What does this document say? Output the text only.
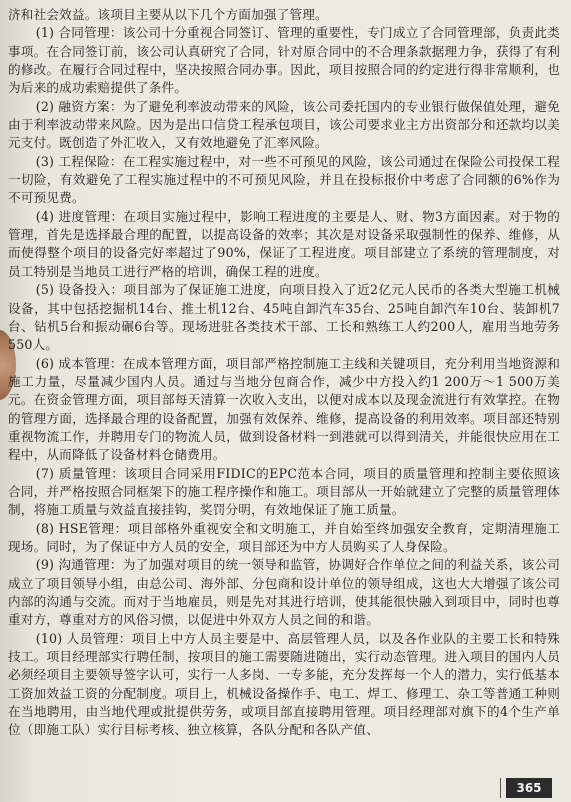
济和社会效益。该项目主要从以下几个方面加强了管理。

(1) 合同管理：该公司十分重视合同签订、管理的重要性，专门成立了合同管理部，负责此类事项。在合同签订前，该公司认真研究了合同，针对原合同中的不合理条款据理力争，获得了有利的修改。在履行合同过程中，坚决按照合同办事。因此，项目按照合同的约定进行得非常顺利，也为后来的成功索赔提供了条件。

(2) 融资方案：为了避免利率波动带来的风险，该公司委托国内的专业银行做保值处理，避免由于利率波动带来风险。因为是出口信贷工程承包项目，该公司要求业主方出资部分和还款均以美元支付。既创造了外汇收入，又有效地避免了汇率风险。

(3) 工程保险：在工程实施过程中，对一些不可预见的风险，该公司通过在保险公司投保工程一切险，有效避免了工程实施过程中的不可预见风险，并且在投标报价中考虑了合同额的6%作为不可预见费。

(4) 进度管理：在项目实施过程中，影响工程进度的主要是人、财、物3方面因素。对于物的管理，首先是选择最合理的配置，以提高设备的效率；其次是对设备采取强制性的保养、维修，从而使得整个项目的设备完好率超过了90%，保证了工程进度。项目部建立了系统的管理制度，对员工特别是当地员工进行严格的培训，确保工程的进度。

(5) 设备投入：项目部为了保证施工进度，向项目投入了近2亿元人民币的各类大型施工机械设备，其中包括挖掘机14台、推土机12台、45吨自卸汽车35台、25吨自卸汽车10台、装卸机7台、钻机5台和振动碾6台等。现场进驻各类技术干部、工长和熟练工人约200人，雇用当地劳务550人。

(6) 成本管理：在成本管理方面，项目部严格控制施工主线和关键项目，充分利用当地资源和施工力量，尽量减少国内人员。通过与当地分包商合作，减少中方投入约1 200万～1 500万美元。在资金管理方面，项目部每天清算一次收入支出，以便对成本以及现金流进行有效掌控。在物的管理方面，选择最合理的设备配置，加强有效保养、维修，提高设备的利用效率。项目部还特别重视物流工作，并聘用专门的物流人员，做到设备材料一到港就可以得到清关，并能很快应用在工程中，从而降低了设备材料仓储费用。

(7) 质量管理：该项目合同采用FIDIC的EPC范本合同，项目的质量管理和控制主要依照该合同，并严格按照合同框架下的施工程序操作和施工。项目部从一开始就建立了完整的质量管理体制，将施工质量与效益直接挂钩，奖罚分明，有效地保证了施工质量。

(8) HSE管理：项目部格外重视安全和文明施工，并自始至终加强安全教育，定期清理施工现场。同时，为了保证中方人员的安全，项目部还为中方人员购买了人身保险。

(9) 沟通管理：为了加强对项目的统一领导和监管，协调好合作单位之间的利益关系，该公司成立了项目领导小组，由总公司、海外部、分包商和设计单位的领导组成，这也大大增强了该公司内部的沟通与交流。而对于当地雇员，则是先对其进行培训，使其能很快融入到项目中，同时也尊重对方，尊重对方的风俗习惯，以促进中外双方人员之间的和谐。

(10) 人员管理：项目上中方人员主要是中、高层管理人员，以及各作业队的主要工长和特殊技工。项目经理部实行聘任制，按项目的施工需要随进随出，实行动态管理。进入项目的国内人员必须经项目主要领导签字认可，实行一人多岗、一专多能，充分发挥每一个人的潜力，实行低基本工资加效益工资的分配制度。项目上，机械设备操作手、电工、焊工、修理工、杂工等普通工种则在当地聘用，由当地代理或批提供劳务，或项目部直接聘用管理。项目经理部对旗下的4个生产单位（即施工队）实行目标考核、独立核算，各队分配和各队产值、

365
